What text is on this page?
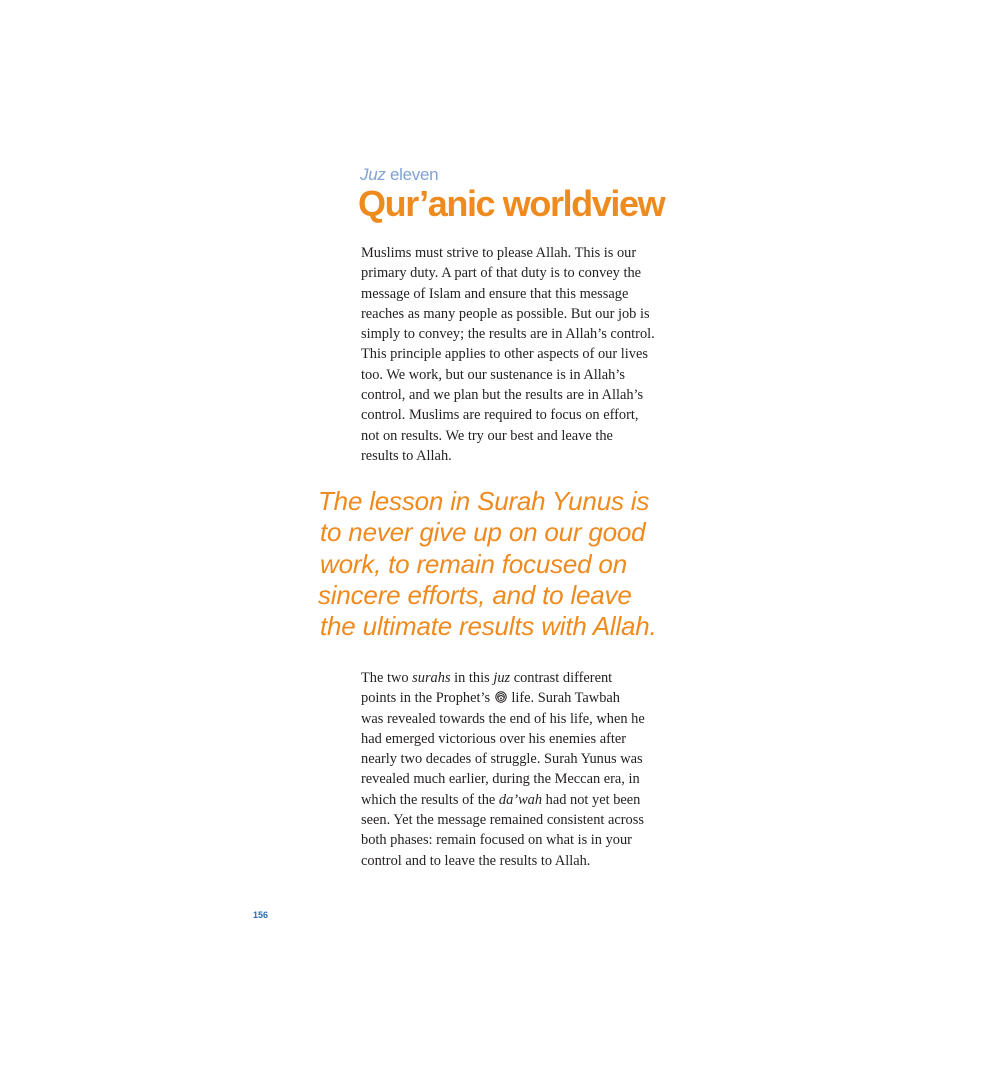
Juz eleven
Qur’anic worldview

Muslims must strive to please Allah. This is our
primary duty. A part of that duty is to convey the
message of Islam and ensure that this message
reaches as many people as possible. But our job is
simply to convey; the results are in Allah’s control.
This principle applies to other aspects of our lives
too. We work, but our sustenance is in Allah’s
control, and we plan but the results are in Allah’s
control. Muslims are required to focus on effort,
not on results. We try our best and leave the
results to Allah.

The lesson in Surah Yunus is
to never give up on our good
work, to remain focused on
sincere efforts, and to leave
the ultimate results with Allah.

The two surahs in this juz contrast different
points in the Prophet’s life. Surah Tawbah
was revealed towards the end of his life, when he
had emerged victorious over his enemies after
nearly two decades of struggle. Surah Yunus was
revealed much earlier, during the Meccan era, in
which the results of the da’wah had not yet been
seen. Yet the message remained consistent across
both phases: remain focused on what is in your
control and to leave the results to Allah.

156
